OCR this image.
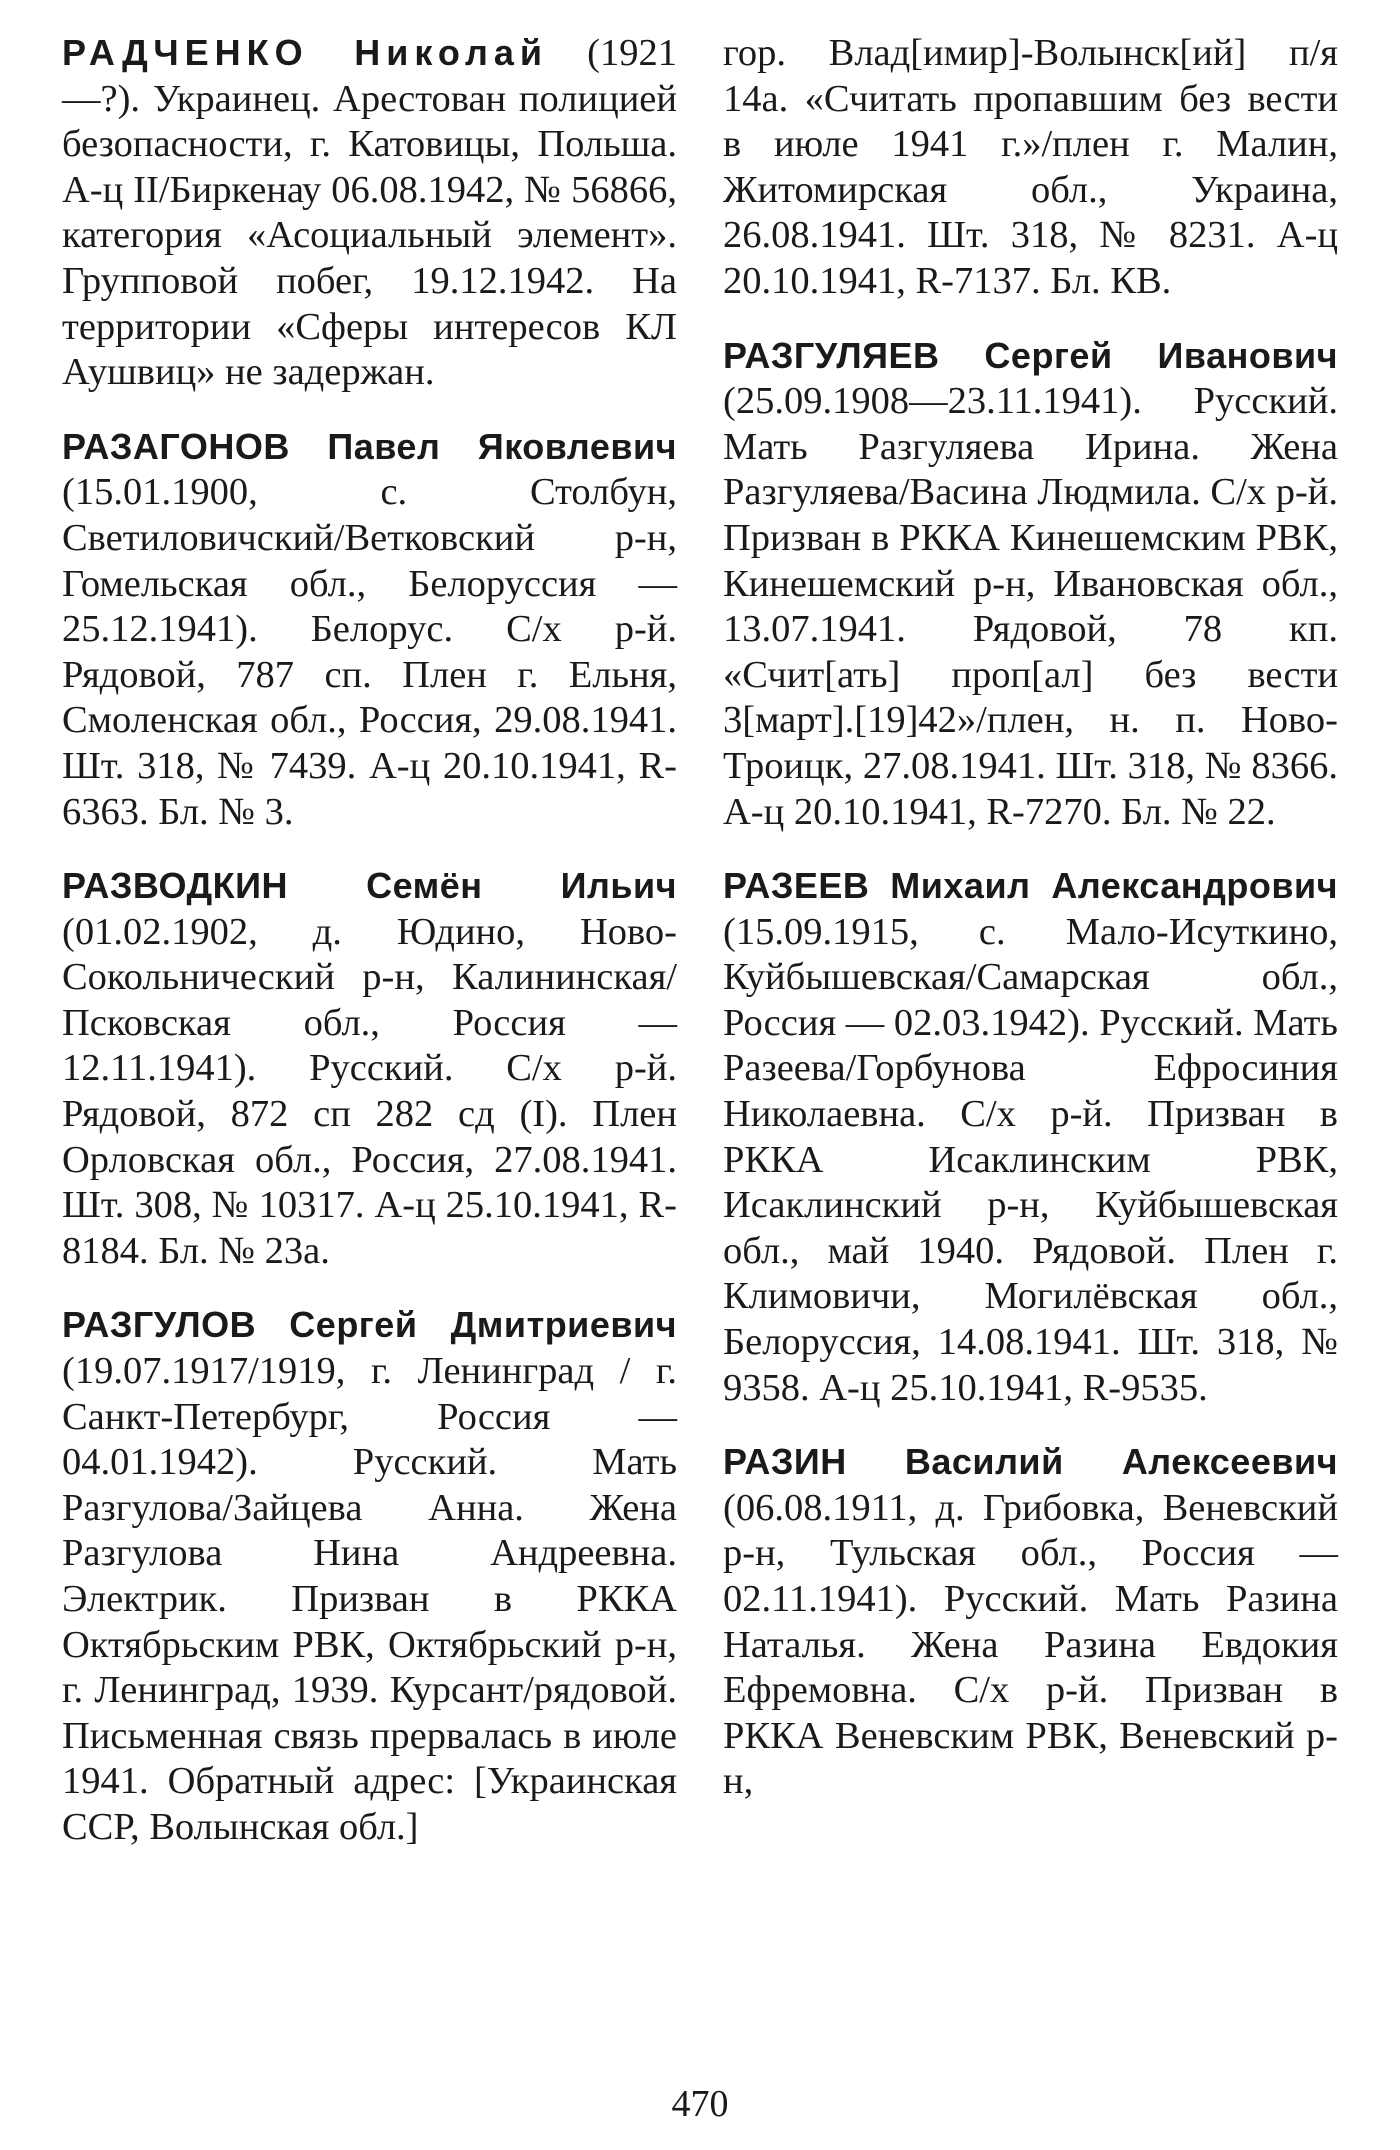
РАДЧЕНКО Николай (1921—?). Украинец. Арестован полицией безопасности, г. Катовицы, Польша. А-ц II/Биркенау 06.08.1942, № 56866, категория «Асоциальный элемент». Групповой побег, 19.12.1942. На территории «Сферы интересов КЛ Аушвиц» не задержан.

РАЗАГОНОВ Павел Яковлевич (15.01.1900, с. Столбун, Светиловичский/Ветковский р-н, Гомельская обл., Белоруссия — 25.12.1941). Белорус. С/х р-й. Рядовой, 787 сп. Плен г. Ельня, Смоленская обл., Россия, 29.08.1941. Шт. 318, № 7439. А-ц 20.10.1941, R-6363. Бл. № 3.

РАЗВОДКИН Семён Ильич (01.02.1902, д. Юдино, Ново-Сокольнический р-н, Калининская/Псковская обл., Россия — 12.11.1941). Русский. С/х р-й. Рядовой, 872 сп 282 сд (I). Плен Орловская обл., Россия, 27.08.1941. Шт. 308, № 10317. А-ц 25.10.1941, R-8184. Бл. № 23а.

РАЗГУЛОВ Сергей Дмитриевич (19.07.1917/1919, г. Ленинград / г. Санкт-Петербург, Россия — 04.01.1942). Русский. Мать Разгулова/Зайцева Анна. Жена Разгулова Нина Андреевна. Электрик. Призван в РККА Октябрьским РВК, Октябрьский р-н, г. Ленинград, 1939. Курсант/рядовой. Письменная связь прервалась в июле 1941. Обратный адрес: [Украинская ССР, Волынская обл.]

гор. Влад[имир]-Волынск[ий] п/я 14а. «Считать пропавшим без вести в июле 1941 г.»/плен г. Малин, Житомирская обл., Украина, 26.08.1941. Шт. 318, № 8231. А-ц 20.10.1941, R-7137. Бл. КВ.

РАЗГУЛЯЕВ Сергей Иванович (25.09.1908—23.11.1941). Русский. Мать Разгуляева Ирина. Жена Разгуляева/Васина Людмила. С/х р-й. Призван в РККА Кинешемским РВК, Кинешемский р-н, Ивановская обл., 13.07.1941. Рядовой, 78 кп. «Счит[ать] проп[ал] без вести 3[март].[19]42»/плен, н. п. Ново-Троицк, 27.08.1941. Шт. 318, № 8366. А-ц 20.10.1941, R-7270. Бл. № 22.

РАЗЕЕВ Михаил Александрович (15.09.1915, с. Мало-Исуткино, Куйбышевская/Самарская обл., Россия — 02.03.1942). Русский. Мать Разеева/Горбунова Ефросиния Николаевна. С/х р-й. Призван в РККА Исаклинским РВК, Исаклинский р-н, Куйбышевская обл., май 1940. Рядовой. Плен г. Климовичи, Могилёвская обл., Белоруссия, 14.08.1941. Шт. 318, № 9358. А-ц 25.10.1941, R-9535.

РАЗИН Василий Алексеевич (06.08.1911, д. Грибовка, Веневский р-н, Тульская обл., Россия — 02.11.1941). Русский. Мать Разина Наталья. Жена Разина Евдокия Ефремовна. С/х р-й. Призван в РККА Веневским РВК, Веневский р-н,

470
